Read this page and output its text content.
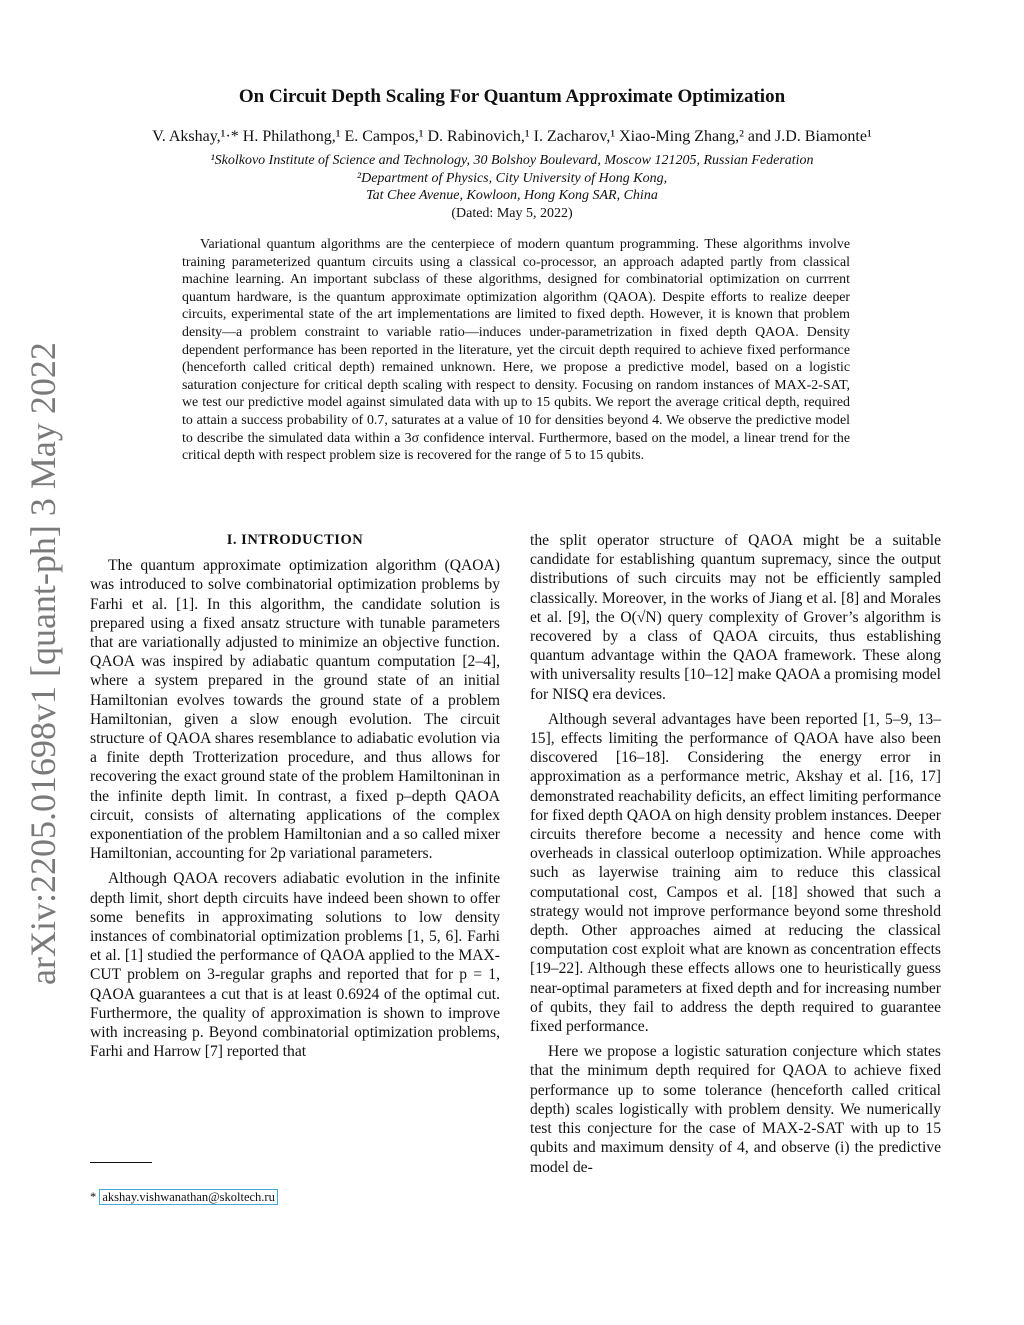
arXiv:2205.01698v1 [quant-ph] 3 May 2022
On Circuit Depth Scaling For Quantum Approximate Optimization
V. Akshay,¹·* H. Philathong,¹ E. Campos,¹ D. Rabinovich,¹ I. Zacharov,¹ Xiao-Ming Zhang,² and J.D. Biamonte¹
¹Skolkovo Institute of Science and Technology, 30 Bolshoy Boulevard, Moscow 121205, Russian Federation
²Department of Physics, City University of Hong Kong,
Tat Chee Avenue, Kowloon, Hong Kong SAR, China
(Dated: May 5, 2022)
Variational quantum algorithms are the centerpiece of modern quantum programming. These algorithms involve training parameterized quantum circuits using a classical co-processor, an approach adapted partly from classical machine learning. An important subclass of these algorithms, designed for combinatorial optimization on currrent quantum hardware, is the quantum approximate optimization algorithm (QAOA). Despite efforts to realize deeper circuits, experimental state of the art implementations are limited to fixed depth. However, it is known that problem density—a problem constraint to variable ratio—induces under-parametrization in fixed depth QAOA. Density dependent performance has been reported in the literature, yet the circuit depth required to achieve fixed performance (henceforth called critical depth) remained unknown. Here, we propose a predictive model, based on a logistic saturation conjecture for critical depth scaling with respect to density. Focusing on random instances of MAX-2-SAT, we test our predictive model against simulated data with up to 15 qubits. We report the average critical depth, required to attain a success probability of 0.7, saturates at a value of 10 for densities beyond 4. We observe the predictive model to describe the simulated data within a 3σ confidence interval. Furthermore, based on the model, a linear trend for the critical depth with respect problem size is recovered for the range of 5 to 15 qubits.

I. INTRODUCTION

The quantum approximate optimization algorithm (QAOA) was introduced to solve combinatorial optimization problems by Farhi et al. [1]. In this algorithm, the candidate solution is prepared using a fixed ansatz structure with tunable parameters that are variationally adjusted to minimize an objective function. QAOA was inspired by adiabatic quantum computation [2–4], where a system prepared in the ground state of an initial Hamiltonian evolves towards the ground state of a problem Hamiltonian, given a slow enough evolution. The circuit structure of QAOA shares resemblance to adiabatic evolution via a finite depth Trotterization procedure, and thus allows for recovering the exact ground state of the problem Hamiltoninan in the infinite depth limit. In contrast, a fixed p–depth QAOA circuit, consists of alternating applications of the complex exponentiation of the problem Hamiltonian and a so called mixer Hamiltonian, accounting for 2p variational parameters.

Although QAOA recovers adiabatic evolution in the infinite depth limit, short depth circuits have indeed been shown to offer some benefits in approximating solutions to low density instances of combinatorial optimization problems [1, 5, 6]. Farhi et al. [1] studied the performance of QAOA applied to the MAX-CUT problem on 3-regular graphs and reported that for p = 1, QAOA guarantees a cut that is at least 0.6924 of the optimal cut. Furthermore, the quality of approximation is shown to improve with increasing p. Beyond combinatorial optimization problems, Farhi and Harrow [7] reported that

the split operator structure of QAOA might be a suitable candidate for establishing quantum supremacy, since the output distributions of such circuits may not be efficiently sampled classically. Moreover, in the works of Jiang et al. [8] and Morales et al. [9], the O(√N) query complexity of Grover’s algorithm is recovered by a class of QAOA circuits, thus establishing quantum advantage within the QAOA framework. These along with universality results [10–12] make QAOA a promising model for NISQ era devices.

Although several advantages have been reported [1, 5–9, 13–15], effects limiting the performance of QAOA have also been discovered [16–18]. Considering the energy error in approximation as a performance metric, Akshay et al. [16, 17] demonstrated reachability deficits, an effect limiting performance for fixed depth QAOA on high density problem instances. Deeper circuits therefore become a necessity and hence come with overheads in classical outerloop optimization. While approaches such as layerwise training aim to reduce this classical computational cost, Campos et al. [18] showed that such a strategy would not improve performance beyond some threshold depth. Other approaches aimed at reducing the classical computation cost exploit what are known as concentration effects [19–22]. Although these effects allows one to heuristically guess near-optimal parameters at fixed depth and for increasing number of qubits, they fail to address the depth required to guarantee fixed performance.

Here we propose a logistic saturation conjecture which states that the minimum depth required for QAOA to achieve fixed performance up to some tolerance (henceforth called critical depth) scales logistically with problem density. We numerically test this conjecture for the case of MAX-2-SAT with up to 15 qubits and maximum density of 4, and observe (i) the predictive model de-

* akshay.vishwanathan@skoltech.ru
